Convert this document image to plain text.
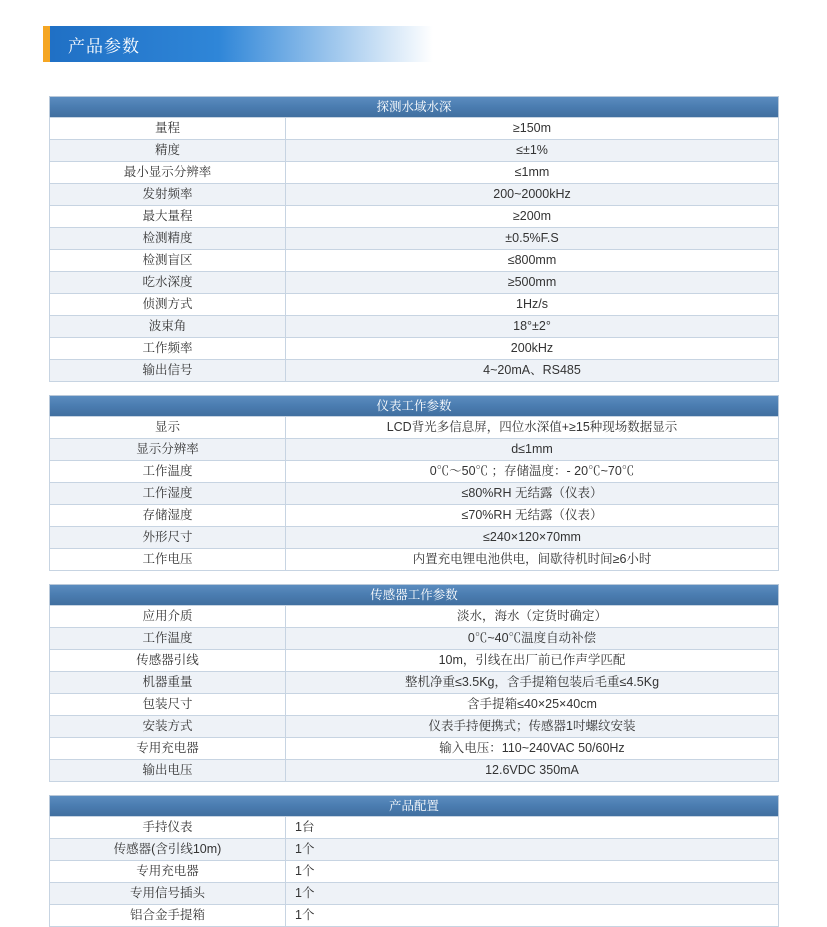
产品参数
探测水域水深
量程	≥150m
精度	≤±1%
最小显示分辨率	≤1mm
发射频率	200~2000kHz
最大量程	≥200m
检测精度	±0.5%F.S
检测盲区	≤800mm
吃水深度	≥500mm
侦测方式	1Hz/s
波束角	18°±2°
工作频率	200kHz
输出信号	4~20mA、RS485
仪表工作参数
显示	LCD背光多信息屏，四位水深值+≥15种现场数据显示
显示分辨率	d≤1mm
工作温度	0℃～50℃ ；存储温度：- 20℃~70℃
工作湿度	≤80%RH 无结露（仪表）
存储湿度	≤70%RH 无结露（仪表）
外形尺寸	≤240×120×70mm
工作电压	内置充电锂电池供电，间歇待机时间≥6小时
传感器工作参数
应用介质	淡水，海水（定货时确定）
工作温度	0℃~40℃温度自动补偿
传感器引线	10m，引线在出厂前已作声学匹配
机器重量	整机净重≤3.5Kg，含手提箱包装后毛重≤4.5Kg
包装尺寸	含手提箱≤40×25×40cm
安装方式	仪表手持便携式；传感器1吋螺纹安装
专用充电器	输入电压：110~240VAC 50/60Hz
输出电压	12.6VDC 350mA
产品配置
手持仪表	1台
传感器(含引线10m)	1个
专用充电器	1个
专用信号插头	1个
铝合金手提箱	1个
